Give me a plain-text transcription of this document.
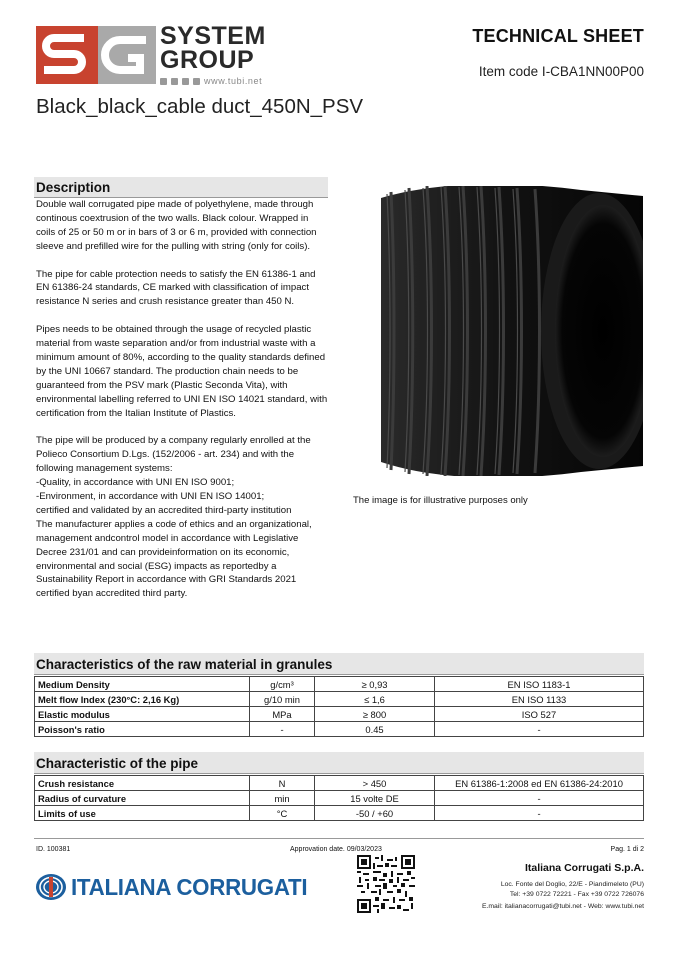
SYSTEM
GROUP
www.tubi.net
TECHNICAL SHEET
Item code I-CBA1NN00P00
Black_black_cable duct_450N_PSV
Description

Double wall corrugated pipe made of polyethylene, made through continous coextrusion of the two walls. Black colour. Wrapped in coils of 25 or 50 m or in bars of 3 or 6 m, provided with connection sleeve and prefilled wire for the pulling with string (only for coils).

The pipe for cable protection needs to satisfy the EN 61386-1 and EN 61386-24 standards, CE marked with classification of impact resistance N series and crush resistance greater than 450 N.

Pipes needs to be obtained through the usage of recycled plastic material from waste separation and/or from industrial waste with a minimum amount of 80%, according to the quality standards defined by the UNI 10667 standard. The production chain needs to be guaranteed from the PSV mark (Plastic Seconda Vita), with environmental labelling referred to UNI EN ISO 14021 standard, with certification from the Italian Institute of Plastics.

The pipe will be produced by a company regularly enrolled at the Polieco Consortium D.Lgs. (152/2006 - art. 234) and with the following management systems:
-Quality, in accordance with UNI EN ISO 9001;
-Environment, in accordance with UNI EN ISO 14001;
certified and validated by an accredited third-party institution
The manufacturer applies a code of ethics and an organizational, management andcontrol model in accordance with Legislative Decree 231/01 and can provideinformation on its economic, environmental and social (ESG) impacts as reportedby a Sustainability Report in accordance with GRI Standards 2021 certified byan accredited third party.

The image is for illustrative purposes only
Characteristics of the raw material in granules
Medium Density	g/cm³	≥ 0,93	EN ISO 1183-1
Melt flow Index (230°C: 2,16 Kg)	g/10 min	≤ 1,6	EN ISO 1133
Elastic modulus	MPa	≥ 800	ISO 527
Poisson's ratio	-	0.45	-
Characteristic of the pipe
Crush resistance	N	> 450	EN 61386-1:2008 ed EN 61386-24:2010
Radius of curvature	min	15 volte DE	-
Limits of use	°C	-50 / +60	-
ID. 100381	Approvation date. 09/03/2023	Pag. 1 di 2
ITALIANA CORRUGATI
Italiana Corrugati S.p.A.
Loc. Fonte del Doglio, 22/E - Piandimeleto (PU)
Tel: +39 0722 72221 - Fax +39 0722 726076
E.mail: italianacorrugati@tubi.net - Web: www.tubi.net
